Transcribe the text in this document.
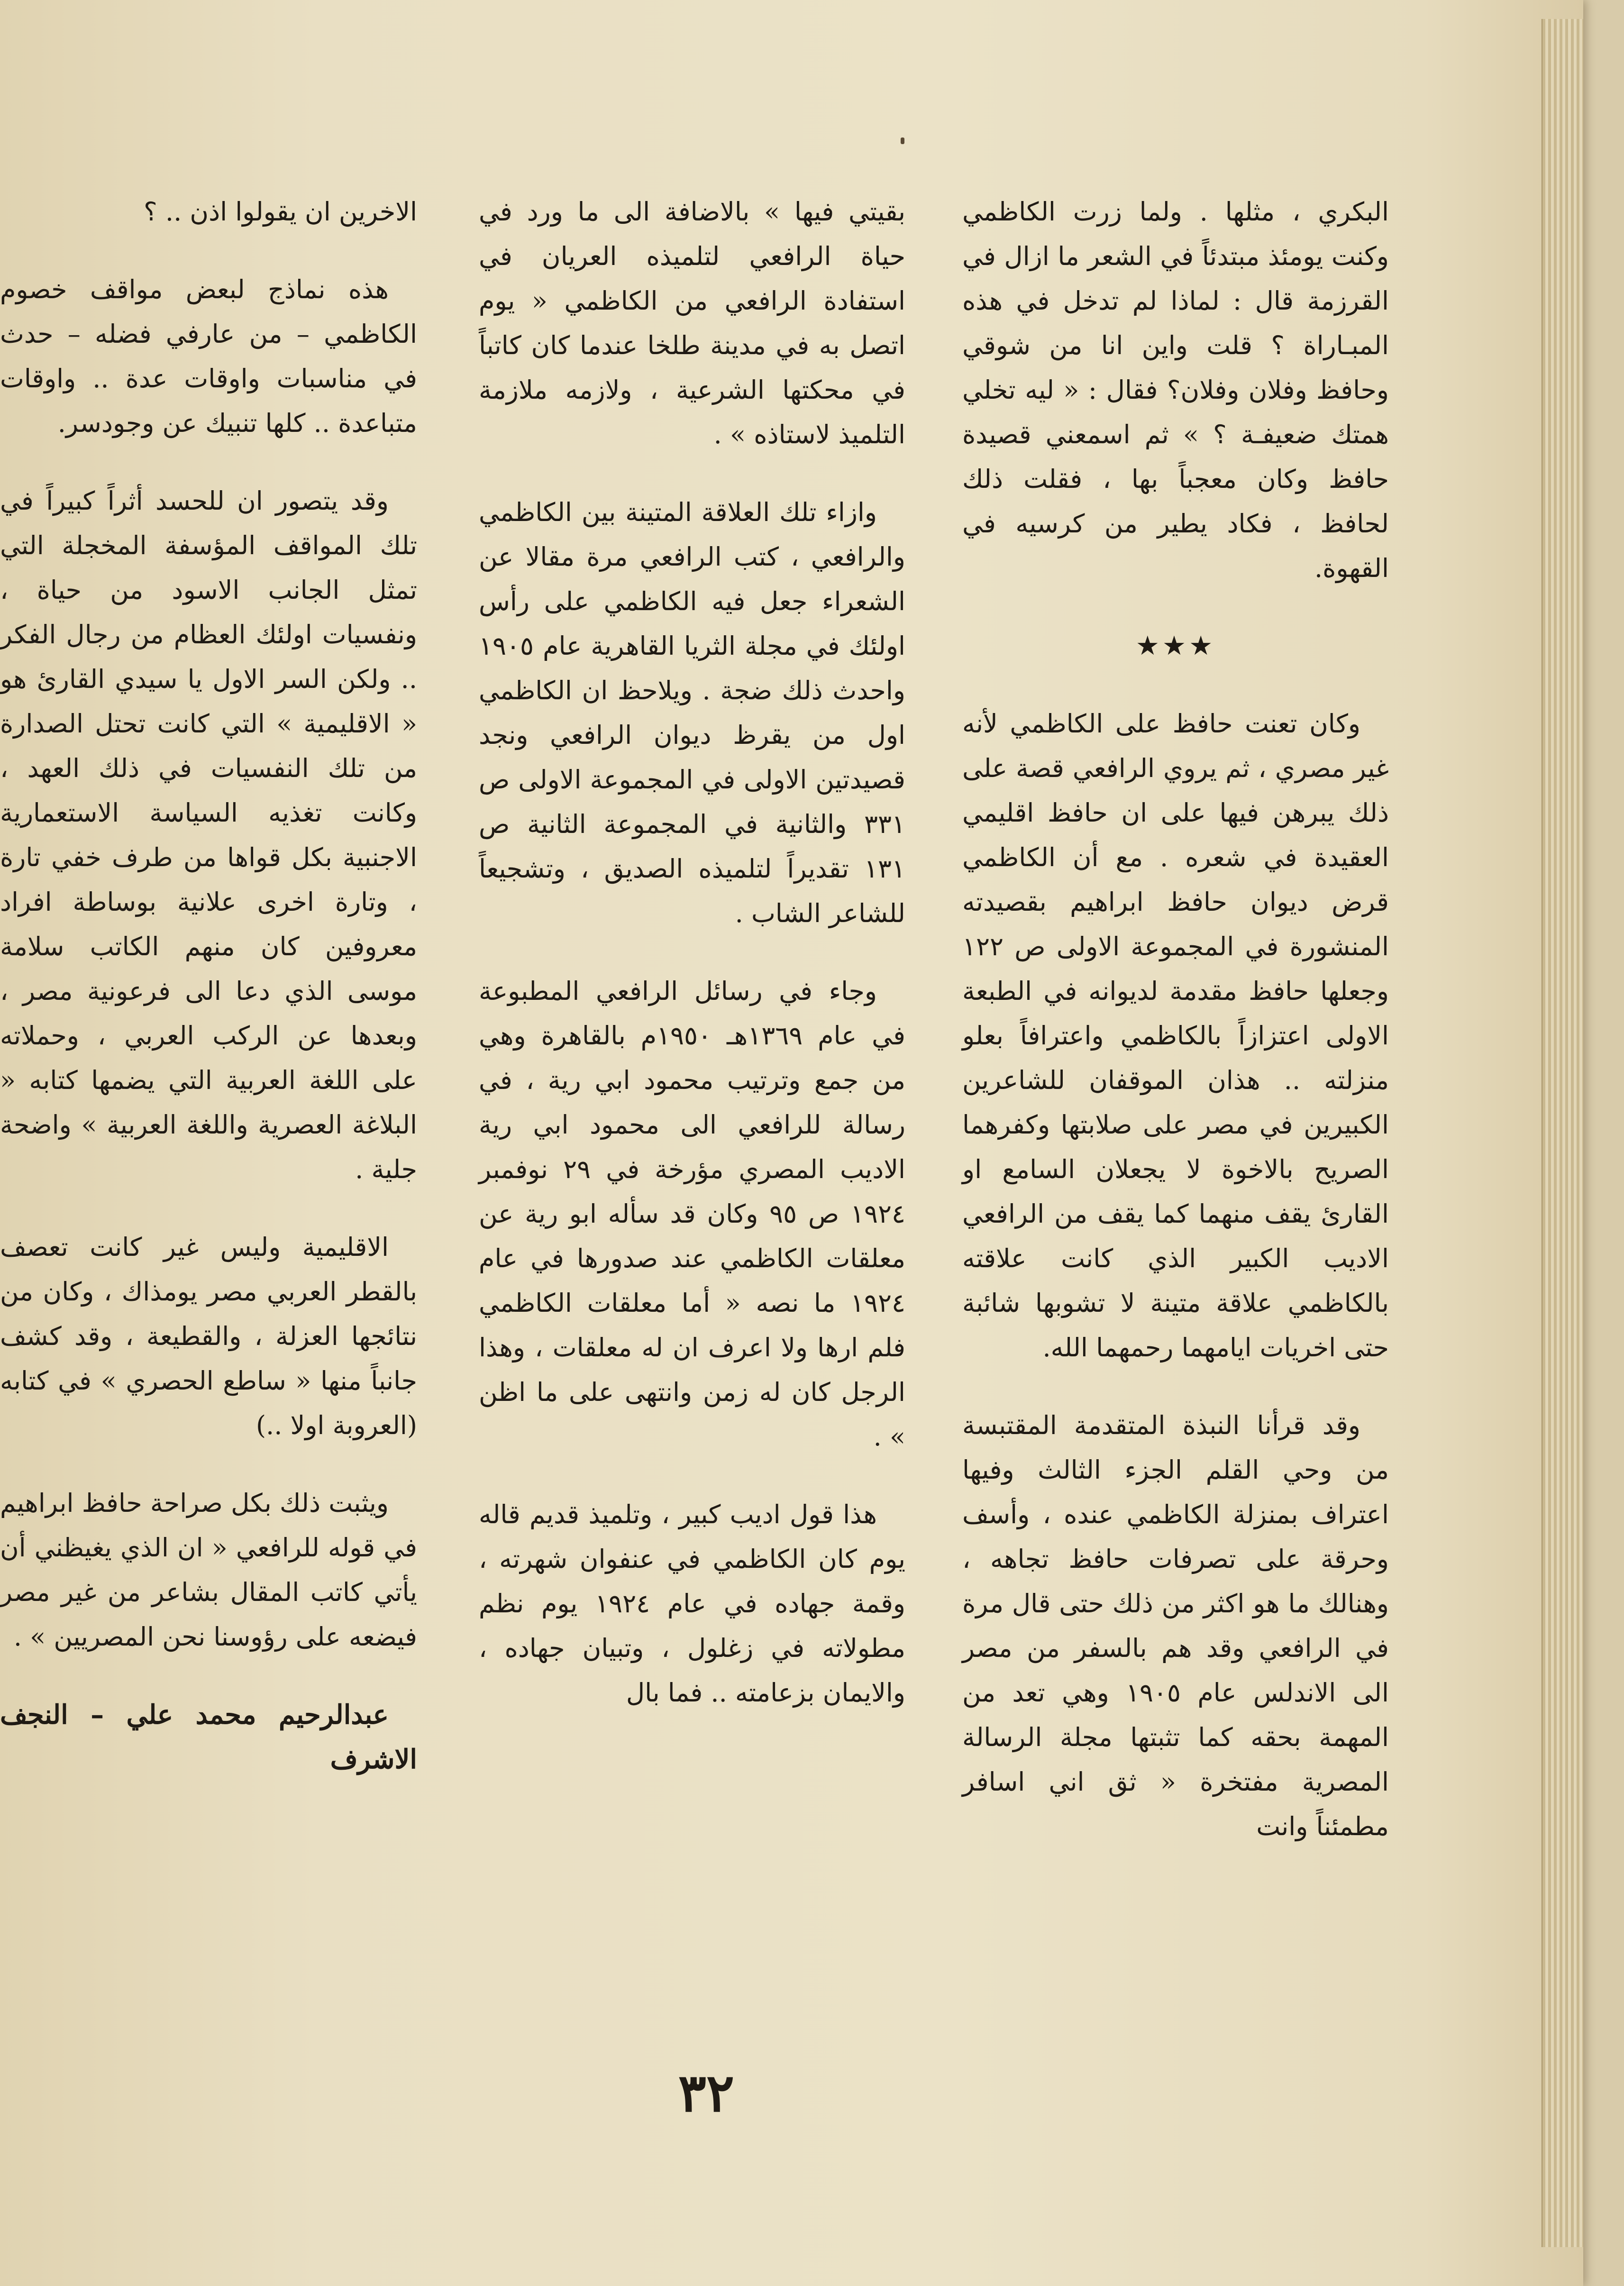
البكري ، مثلها . ولما زرت الكاظمي وكنت يومئذ مبتدئاً في الشعر ما ازال في القرزمة قال : لماذا لم تدخل في هذه المبـاراة ؟ قلت واين انا من شوقي وحافظ وفلان وفلان؟ فقال : « ليه تخلي همتك ضعيفـة ؟ » ثم اسمعني قصيدة حافظ وكان معجباً بها ، فقلت ذلك لحافظ ، فكاد يطير من كرسيه في القهوة.

★★★

وكان تعنت حافظ على الكاظمي لأنه غير مصري ، ثم يروي الرافعي قصة على ذلك يبرهن فيها على ان حافظ اقليمي العقيدة في شعره . مع أن الكاظمي قرض ديوان حافظ ابراهيم بقصيدته المنشورة في المجموعة الاولى ص ١٢٢ وجعلها حافظ مقدمة لديوانه في الطبعة الاولى اعتزازاً بالكاظمي واعترافاً بعلو منزلته .. هذان الموقفان للشاعرين الكبيرين في مصر على صلابتها وكفرهما الصريح بالاخوة لا يجعلان السامع او القارئ يقف منهما كما يقف من الرافعي الاديب الكبير الذي كانت علاقته بالكاظمي علاقة متينة لا تشوبها شائبة حتى اخريات ايامهما رحمهما الله.

وقد قرأنا النبذة المتقدمة المقتبسة من وحي القلم الجزء الثالث وفيها اعتراف بمنزلة الكاظمي عنده ، وأسف وحرقة على تصرفات حافظ تجاهه ، وهنالك ما هو اكثر من ذلك حتى قال مرة في الرافعي وقد هم بالسفر من مصر الى الاندلس عام ١٩٠٥ وهي تعد من المهمة بحقه كما تثبتها مجلة الرسالة المصرية مفتخرة « ثق اني اسافر مطمئناً وانت

بقيتي فيها » بالاضافة الى ما ورد في حياة الرافعي لتلميذه العريان في استفادة الرافعي من الكاظمي « يوم اتصل به في مدينة طلخا عندما كان كاتباً في محكتها الشرعية ، ولازمه ملازمة التلميذ لاستاذه » .

وازاء تلك العلاقة المتينة بين الكاظمي والرافعي ، كتب الرافعي مرة مقالا عن الشعراء جعل فيه الكاظمي على رأس اولئك في مجلة الثريا القاهرية عام ١٩٠٥ واحدث ذلك ضجة . ويلاحظ ان الكاظمي اول من يقرظ ديوان الرافعي ونجد قصيدتين الاولى في المجموعة الاولى ص ٣٣١ والثانية في المجموعة الثانية ص ١٣١ تقديراً لتلميذه الصديق ، وتشجيعاً للشاعر الشاب .

وجاء في رسائل الرافعي المطبوعة في عام ١٣٦٩هـ ١٩٥٠م بالقاهرة وهي من جمع وترتيب محمود ابي رية ، في رسالة للرافعي الى محمود ابي رية الاديب المصري مؤرخة في ٢٩ نوفمبر ١٩٢٤ ص ٩٥ وكان قد سأله ابو رية عن معلقات الكاظمي عند صدورها في عام ١٩٢٤ ما نصه « أما معلقات الكاظمي فلم ارها ولا اعرف ان له معلقات ، وهذا الرجل كان له زمن وانتهى على ما اظن » .

هذا قول اديب كبير ، وتلميذ قديم قاله يوم كان الكاظمي في عنفوان شهرته ، وقمة جهاده في عام ١٩٢٤ يوم نظم مطولاته في زغلول ، وتبيان جهاده ، والايمان بزعامته .. فما بال

الاخرين ان يقولوا اذن .. ؟

هذه نماذج لبعض مواقف خصوم الكاظمي – من عارفي فضله – حدث في مناسبات واوقات عدة .. واوقات متباعدة .. كلها تنبيك عن وجودسر.

وقد يتصور ان للحسد أثراً كبيراً في تلك المواقف المؤسفة المخجلة التي تمثل الجانب الاسود من حياة ، ونفسيات اولئك العظام من رجال الفكر .. ولكن السر الاول يا سيدي القارئ هو « الاقليمية » التي كانت تحتل الصدارة من تلك النفسيات في ذلك العهد ، وكانت تغذيه السياسة الاستعمارية الاجنبية بكل قواها من طرف خفي تارة ، وتارة اخرى علانية بوساطة افراد معروفين كان منهم الكاتب سلامة موسى الذي دعا الى فرعونية مصر ، وبعدها عن الركب العربي ، وحملاته على اللغة العربية التي يضمها كتابه « البلاغة العصرية واللغة العربية » واضحة جلية .

الاقليمية وليس غير كانت تعصف بالقطر العربي مصر يومذاك ، وكان من نتائجها العزلة ، والقطيعة ، وقد كشف جانباً منها « ساطع الحصري » في كتابه (العروبة اولا ..)

ويثبت ذلك بكل صراحة حافظ ابراهيم في قوله للرافعي « ان الذي يغيظني أن يأتي كاتب المقال بشاعر من غير مصر فيضعه على رؤوسنا نحن المصريين » .

عبدالرحيم محمد علي – النجف الاشرف

٣٢
